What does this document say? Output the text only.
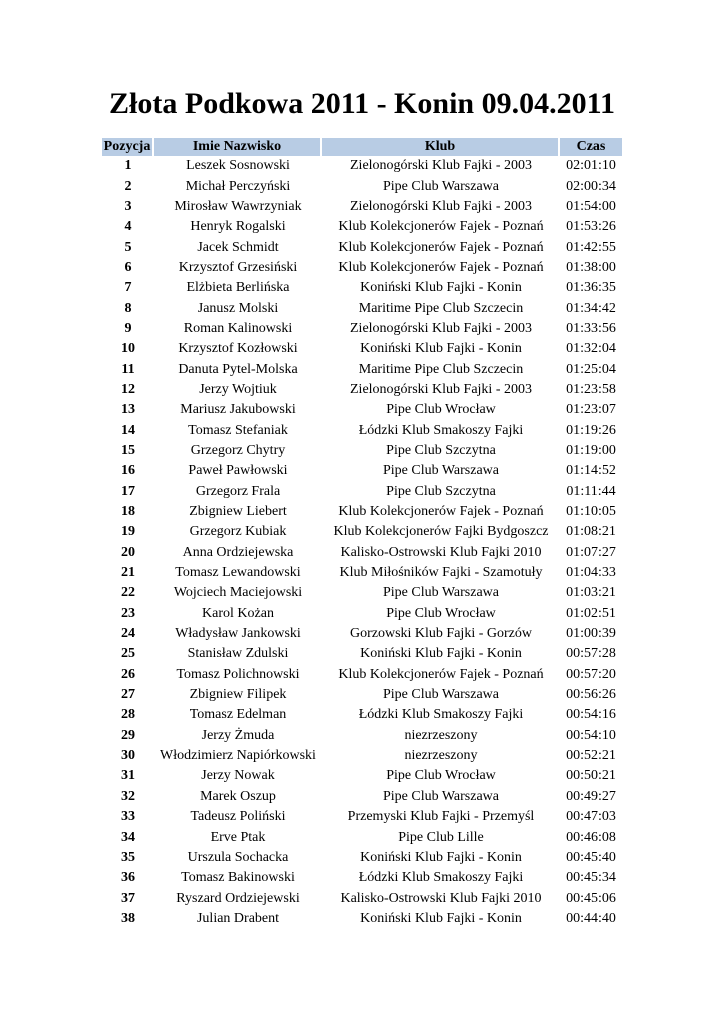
Złota Podkowa 2011 - Konin 09.04.2011
Pozycja	Imie Nazwisko	Klub	Czas
1	Leszek Sosnowski	Zielonogórski Klub Fajki - 2003	02:01:10
2	Michał Perczyński	Pipe Club Warszawa	02:00:34
3	Mirosław Wawrzyniak	Zielonogórski Klub Fajki - 2003	01:54:00
4	Henryk Rogalski	Klub Kolekcjonerów Fajek - Poznań	01:53:26
5	Jacek Schmidt	Klub Kolekcjonerów Fajek - Poznań	01:42:55
6	Krzysztof Grzesiński	Klub Kolekcjonerów Fajek - Poznań	01:38:00
7	Elżbieta Berlińska	Koniński Klub Fajki - Konin	01:36:35
8	Janusz Molski	Maritime Pipe Club Szczecin	01:34:42
9	Roman Kalinowski	Zielonogórski Klub Fajki - 2003	01:33:56
10	Krzysztof Kozłowski	Koniński Klub Fajki - Konin	01:32:04
11	Danuta Pytel-Molska	Maritime Pipe Club Szczecin	01:25:04
12	Jerzy Wojtiuk	Zielonogórski Klub Fajki - 2003	01:23:58
13	Mariusz Jakubowski	Pipe Club Wrocław	01:23:07
14	Tomasz Stefaniak	Łódzki Klub Smakoszy Fajki	01:19:26
15	Grzegorz Chytry	Pipe Club Szczytna	01:19:00
16	Paweł Pawłowski	Pipe Club Warszawa	01:14:52
17	Grzegorz Frala	Pipe Club Szczytna	01:11:44
18	Zbigniew Liebert	Klub Kolekcjonerów Fajek - Poznań	01:10:05
19	Grzegorz Kubiak	Klub Kolekcjonerów Fajki Bydgoszcz	01:08:21
20	Anna Ordziejewska	Kalisko-Ostrowski Klub Fajki 2010	01:07:27
21	Tomasz Lewandowski	Klub Miłośników Fajki - Szamotuły	01:04:33
22	Wojciech Maciejowski	Pipe Club Warszawa	01:03:21
23	Karol Kożan	Pipe Club Wrocław	01:02:51
24	Władysław Jankowski	Gorzowski Klub Fajki - Gorzów	01:00:39
25	Stanisław Zdulski	Koniński Klub Fajki - Konin	00:57:28
26	Tomasz Polichnowski	Klub Kolekcjonerów Fajek - Poznań	00:57:20
27	Zbigniew Filipek	Pipe Club Warszawa	00:56:26
28	Tomasz Edelman	Łódzki Klub Smakoszy Fajki	00:54:16
29	Jerzy Żmuda	niezrzeszony	00:54:10
30	Włodzimierz Napiórkowski	niezrzeszony	00:52:21
31	Jerzy Nowak	Pipe Club Wrocław	00:50:21
32	Marek Oszup	Pipe Club Warszawa	00:49:27
33	Tadeusz Poliński	Przemyski Klub Fajki - Przemyśl	00:47:03
34	Erve Ptak	Pipe Club Lille	00:46:08
35	Urszula Sochacka	Koniński Klub Fajki - Konin	00:45:40
36	Tomasz Bakinowski	Łódzki Klub Smakoszy Fajki	00:45:34
37	Ryszard Ordziejewski	Kalisko-Ostrowski Klub Fajki 2010	00:45:06
38	Julian Drabent	Koniński Klub Fajki - Konin	00:44:40
